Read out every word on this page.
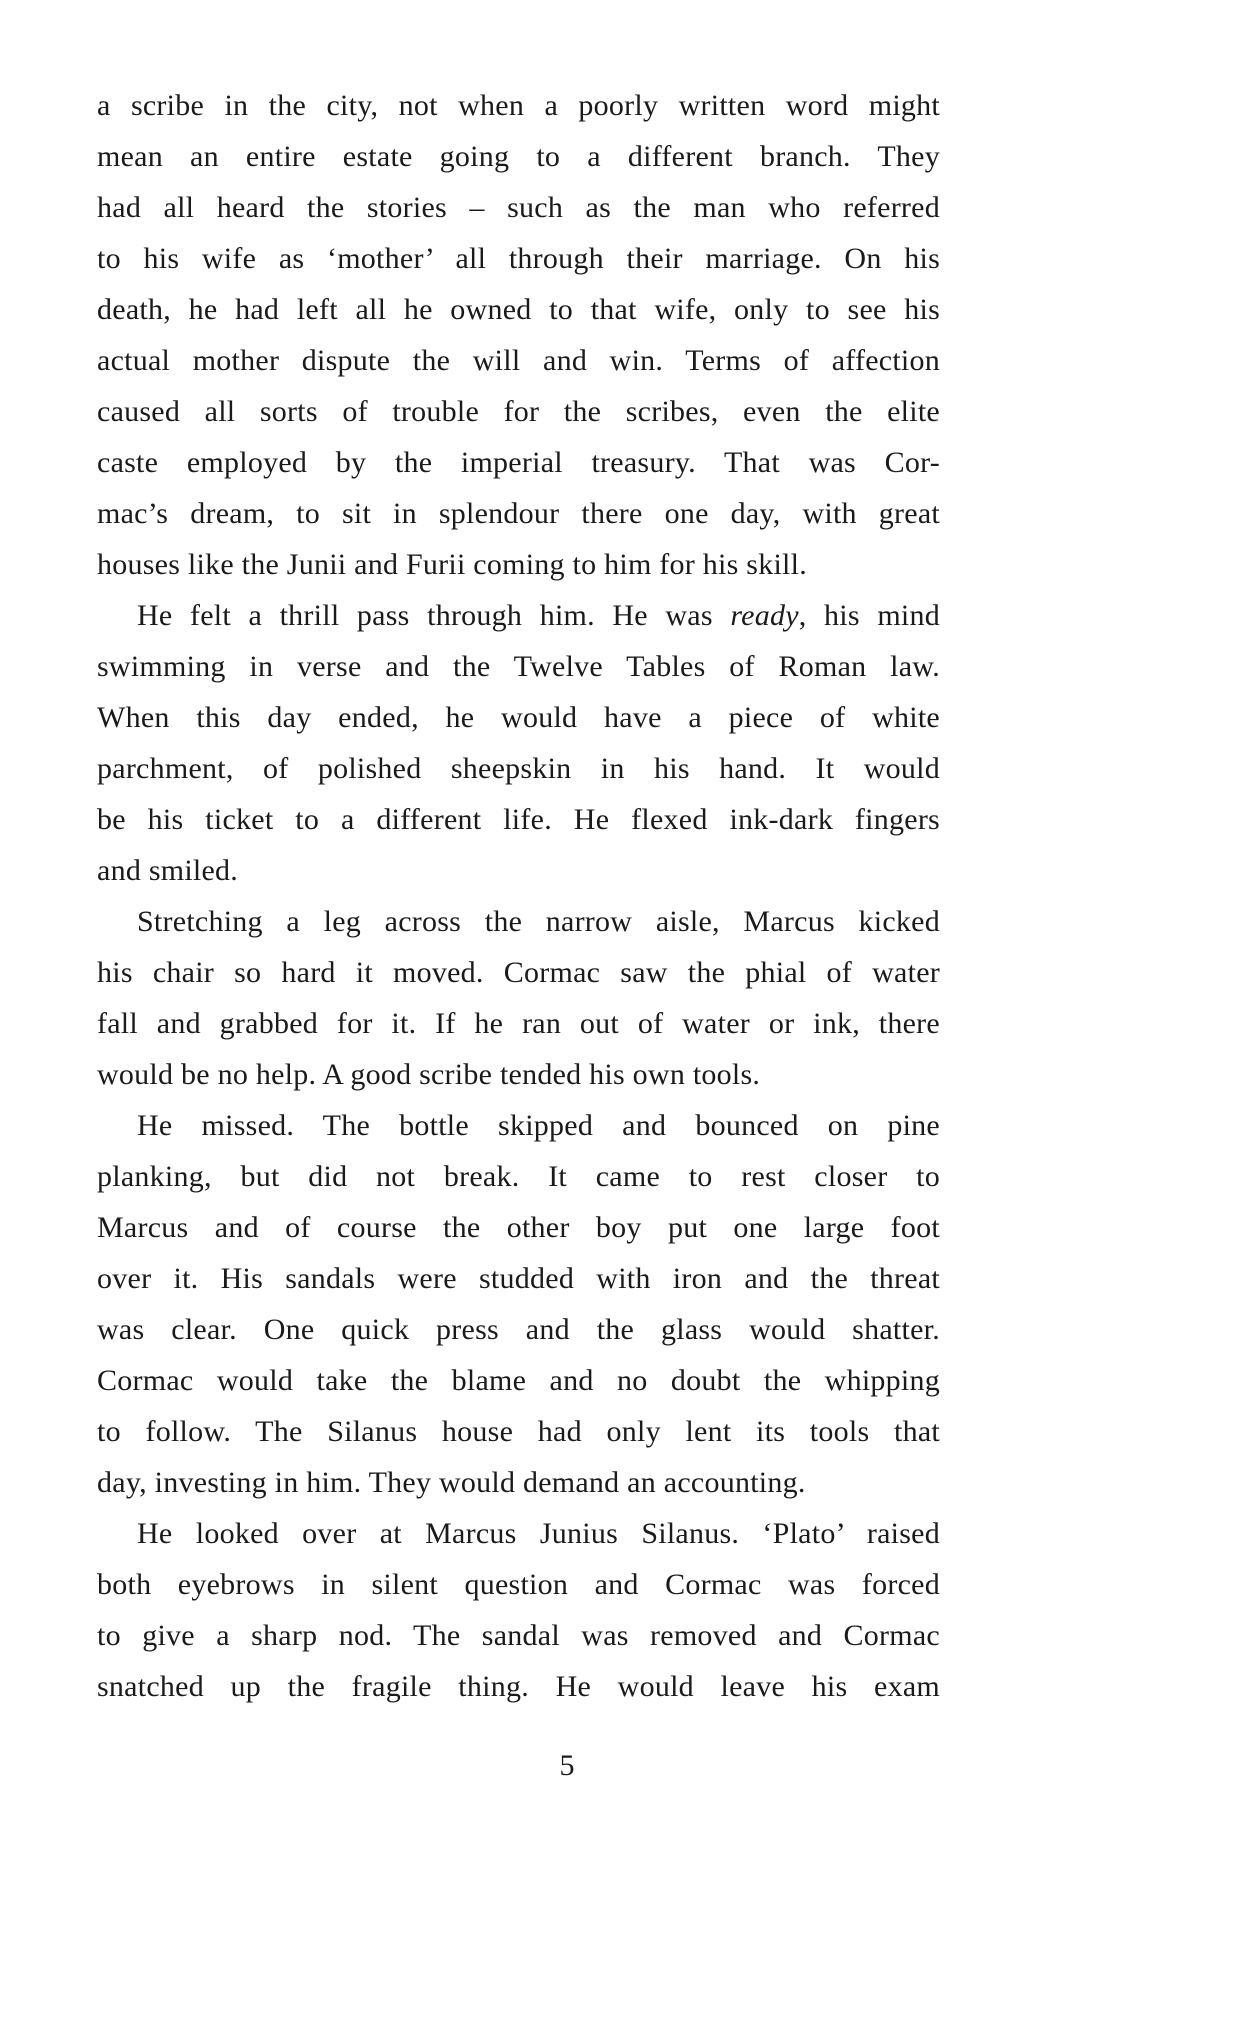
a scribe in the city, not when a poorly written word might
mean an entire estate going to a different branch. They
had all heard the stories – such as the man who referred
to his wife as ‘mother’ all through their marriage. On his
death, he had left all he owned to that wife, only to see his
actual mother dispute the will and win. Terms of affection
caused all sorts of trouble for the scribes, even the elite
caste employed by the imperial treasury. That was Cor-
mac’s dream, to sit in splendour there one day, with great
houses like the Junii and Furii coming to him for his skill.
He felt a thrill pass through him. He was ready, his mind
swimming in verse and the Twelve Tables of Roman law.
When this day ended, he would have a piece of white
parchment, of polished sheepskin in his hand. It would
be his ticket to a different life. He flexed ink-dark fingers
and smiled.
Stretching a leg across the narrow aisle, Marcus kicked
his chair so hard it moved. Cormac saw the phial of water
fall and grabbed for it. If he ran out of water or ink, there
would be no help. A good scribe tended his own tools.
He missed. The bottle skipped and bounced on pine
planking, but did not break. It came to rest closer to
Marcus and of course the other boy put one large foot
over it. His sandals were studded with iron and the threat
was clear. One quick press and the glass would shatter.
Cormac would take the blame and no doubt the whipping
to follow. The Silanus house had only lent its tools that
day, investing in him. They would demand an accounting.
He looked over at Marcus Junius Silanus. ‘Plato’ raised
both eyebrows in silent question and Cormac was forced
to give a sharp nod. The sandal was removed and Cormac
snatched up the fragile thing. He would leave his exam
5
